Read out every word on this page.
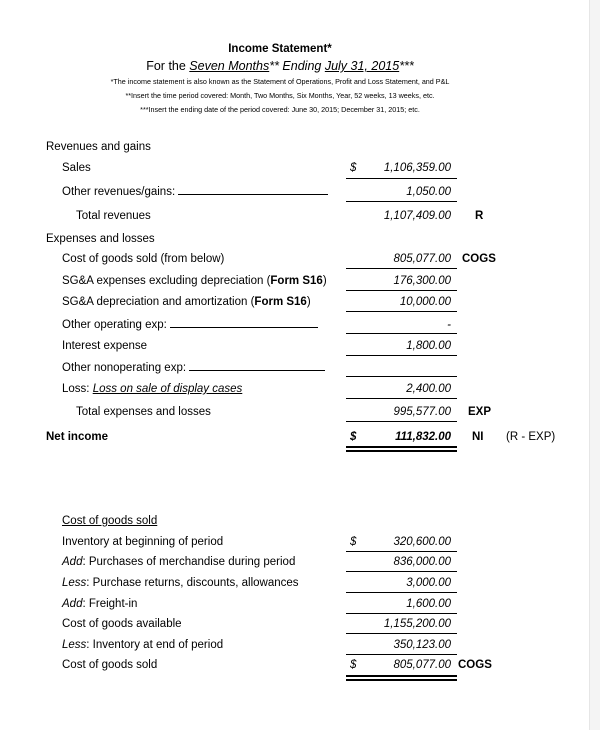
Income Statement*
For the Seven Months** Ending July 31, 2015***
*The income statement is also known as the Statement of Operations, Profit and Loss Statement, and P&L
**Insert the time period covered: Month, Two Months, Six Months, Year, 52 weeks, 13 weeks, etc.
***Insert the ending date of the period covered: June 30, 2015; December 31, 2015; etc.
Revenues and gains
Sales	$	1,106,359.00
Other revenues/gains:	1,050.00
Total revenues	1,107,409.00 R
Expenses and losses
Cost of goods sold (from below)	805,077.00 COGS
SG&A expenses excluding depreciation (Form S16)	176,300.00
SG&A depreciation and amortization (Form S16)	10,000.00
Other operating exp:	-
Interest expense	1,800.00
Other nonoperating exp:
Loss: Loss on sale of display cases	2,400.00
Total expenses and losses	995,577.00 EXP
Net income	$	111,832.00 NI (R - EXP)
Cost of goods sold
Inventory at beginning of period	$	320,600.00
Add: Purchases of merchandise during period	836,000.00
Less: Purchase returns, discounts, allowances	3,000.00
Add: Freight-in	1,600.00
Cost of goods available	1,155,200.00
Less: Inventory at end of period	350,123.00
Cost of goods sold	$	805,077.00 COGS
